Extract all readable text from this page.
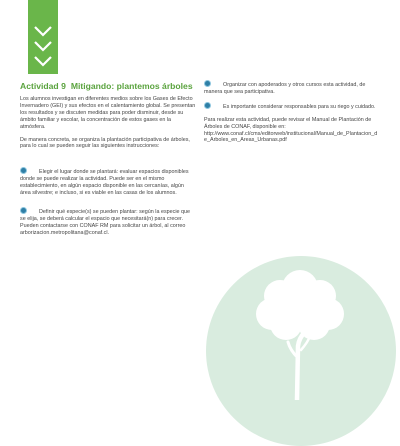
Actividad 9 Mitigando: plantemos árboles

Los alumnos investigan en diferentes medios sobre los Gases de Efecto Invernadero (GEI) y sus efectos en el calentamiento global. Se presentan los resultados y se discuten medidas para poder disminuir, desde su ámbito familiar y escolar, la concentración de estos gases en la atmósfera.

De manera concreta, se organiza la plantación participativa de árboles, para lo cual se pueden seguir las siguientes instrucciones:

Elegir el lugar donde se plantará: evaluar espacios disponibles donde se puede realizar la actividad. Puede ser en el mismo establecimiento, en algún espacio disponible en las cercanías, algún área silvestre; e incluso, si es viable en las casas de los alumnos.

Definir qué especie(s) se pueden plantar: según la especie que se elija, se deberá calcular el espacio que necesitará(n) para crecer. Pueden contactarse con CONAF RM para solicitar un árbol, al correo arborizacion.metropolitana@conaf.cl.

Organizar con apoderados y otros cursos esta actividad, de manera que sea participativa.

Es importante considerar responsables para su riego y cuidado.

Para realizar esta actividad, puede revisar el Manual de Plantación de Árboles de CONAF, disponible en:
http://www.conaf.cl/cms/editorweb/institucional/Manual_de_Plantacion_de_Arboles_en_Areas_Urbanas.pdf
